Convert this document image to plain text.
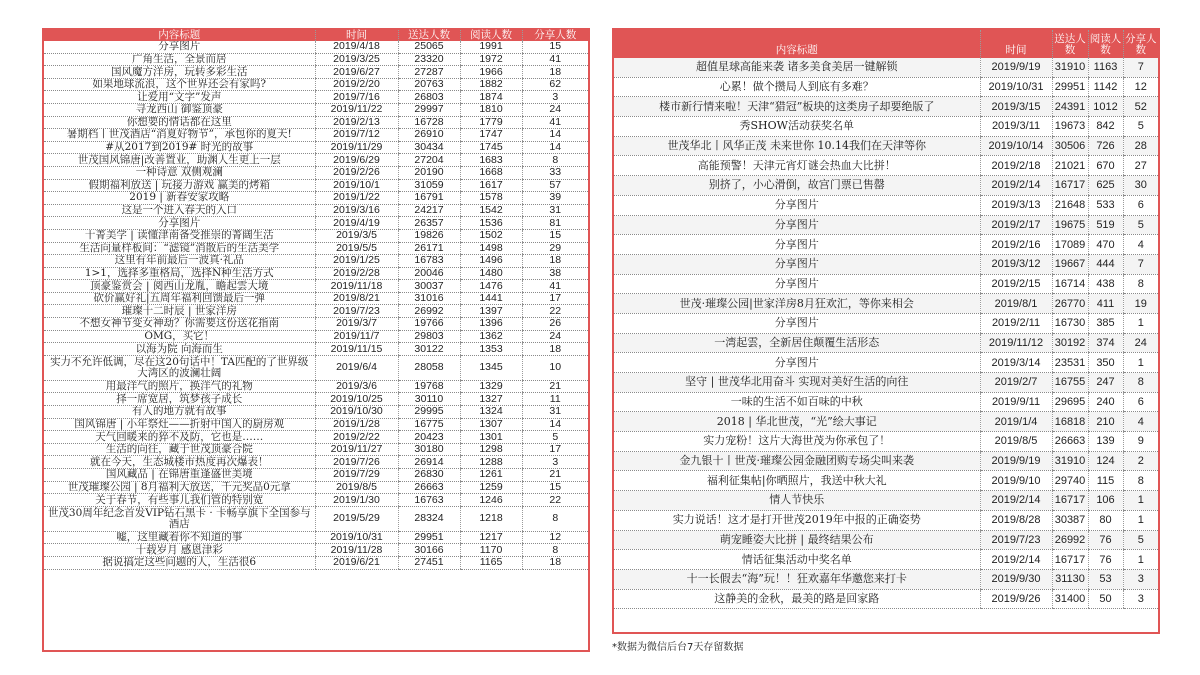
内容标题	时间	送达人数	阅读人数	分享人数
分享图片	2019/4/18	25065	1991	15
广角生活，全景而居	2019/3/25	23320	1972	41
国风魔方洋房，玩转多彩生活	2019/6/27	27287	1966	18
如果地球流浪，这个世界还会有家吗?	2019/2/20	20763	1882	62
让爱用“文字”发声	2019/7/16	26803	1874	3
寻龙西山 御鉴顶豪	2019/11/22	29997	1810	24
你想要的情话都在这里	2019/2/13	16728	1779	41
暑期档丨世茂酒店“消夏好物节”，承包你的夏天!	2019/7/12	26910	1747	14
#从2017到2019# 时光的故事	2019/11/29	30434	1745	14
世茂国风锦唐|改善置业，助渊人生更上一层	2019/6/29	27204	1683	8
一种诗意 双侧观澜	2019/2/26	20190	1668	33
假期福利放送 | 玩接力游戏 赢美的烤箱	2019/10/1	31059	1617	57
2019 | 新春安家攻略	2019/1/22	16791	1578	39
这是一个进入春天的入口	2019/3/16	24217	1542	31
分享图片	2019/4/19	26357	1536	81
十菁美学 | 读懂津南备受推崇的菁阔生活	2019/3/5	19826	1502	15
生活向量样板间：“滤镜”消散后的生活美学	2019/5/5	26171	1498	29
这里有年前最后一波真·礼品	2019/1/25	16783	1496	18
1>1，选择多重格局，选择N种生活方式	2019/2/28	20046	1480	38
顶豪鉴赏会 | 阅西山龙胤，瞻起雲大境	2019/11/18	30037	1476	41
砍价赢好礼|五周年福利回馈最后一弹	2019/8/21	31016	1441	17
璀璨十二时辰 | 世家洋房	2019/7/23	26992	1397	22
不想女神节变女神劫？你需要这份送花指南	2019/3/7	19766	1396	26
OMG，买它！	2019/11/7	29803	1362	24
以海为院 向海而生	2019/11/15	30122	1353	18
实力不允许低调，尽在这20句话中！TA匹配的了世界级大湾区的波澜壮阔	2019/6/4	28058	1345	10
用最洋气的照片，换洋气的礼物	2019/3/6	19768	1329	21
择一席宽居，筑梦孩子成长	2019/10/25	30110	1327	11
有人的地方就有故事	2019/10/30	29995	1324	31
国风锦唐 | 小年祭灶——折射中国人的厨房观	2019/1/28	16775	1307	14
天气回暖来的猝不及防，它也是……	2019/2/22	20423	1301	5
生活的向往，藏于世茂顶豪合院	2019/11/27	30180	1298	17
就在今天，生态城楼市热度再次爆表！	2019/7/26	26914	1288	3
国风藏品 | 在锦唐重逢盛世美境	2019/7/29	26830	1261	21
世茂璀璨公园 | 8月福利大放送，千元奖品0元拿	2019/8/5	26663	1259	15
关于春节，有些事儿我们管的特别宽	2019/1/30	16763	1246	22
世茂30周年纪念首发VIP钻石黑卡 · 卡畅享旗下全国参与酒店	2019/5/29	28324	1218	8
嘘，这里藏着你不知道的事	2019/10/31	29951	1217	12
十载岁月 感恩津彩	2019/11/28	30166	1170	8
据说搞定这些问题的人，生活很6	2019/6/21	27451	1165	18
内容标题	时间	送达人数	阅读人数	分享人数
超值星球高能来袭 诸多美食美居一键解锁	2019/9/19	31910	1163	7
心累！做个攒局人到底有多难？	2019/10/31	29951	1142	12
楼市新行情来啦！天津“猎冠”板块的这类房子却要绝版了	2019/3/15	24391	1012	52
秀SHOW活动获奖名单	2019/3/11	19673	842	5
世茂华北丨风华正茂 未来世你 10.14我们在天津等你	2019/10/14	30506	726	28
高能预警！天津元宵灯谜会热血大比拼！	2019/2/18	21021	670	27
别挤了，小心滑倒，故宫门票已售罄	2019/2/14	16717	625	30
分享图片	2019/3/13	21648	533	6
分享图片	2019/2/17	19675	519	5
分享图片	2019/2/16	17089	470	4
分享图片	2019/3/12	19667	444	7
分享图片	2019/2/15	16714	438	8
世茂·璀璨公园|世家洋房8月狂欢汇，等你来相会	2019/8/1	26770	411	19
分享图片	2019/2/11	16730	385	1
一湾起雲，全新居住颠覆生活形态	2019/11/12	30192	374	24
分享图片	2019/3/14	23531	350	1
坚守 | 世茂华北用奋斗 实现对美好生活的向往	2019/2/7	16755	247	8
一味的生活不如百味的中秋	2019/9/11	29695	240	6
2018 | 华北世茂，“光”绘大事记	2019/1/4	16818	210	4
实力宠粉！这片大海世茂为你承包了！	2019/8/5	26663	139	9
金九银十丨世茂·璀璨公园金融团购专场尖叫来袭	2019/9/19	31910	124	2
福利征集帖|你晒照片，我送中秋大礼	2019/9/10	29740	115	8
情人节快乐	2019/2/14	16717	106	1
实力说话！这才是打开世茂2019年中报的正确姿势	2019/8/28	30387	80	1
萌宠睡姿大比拼 | 最终结果公布	2019/7/23	26992	76	5
情话征集活动中奖名单	2019/2/14	16717	76	1
十一长假去“海”玩！！狂欢嘉年华邀您来打卡	2019/9/30	31130	53	3
这静美的金秋，最美的路是回家路	2019/9/26	31400	50	3
*数据为微信后台7天存留数据
